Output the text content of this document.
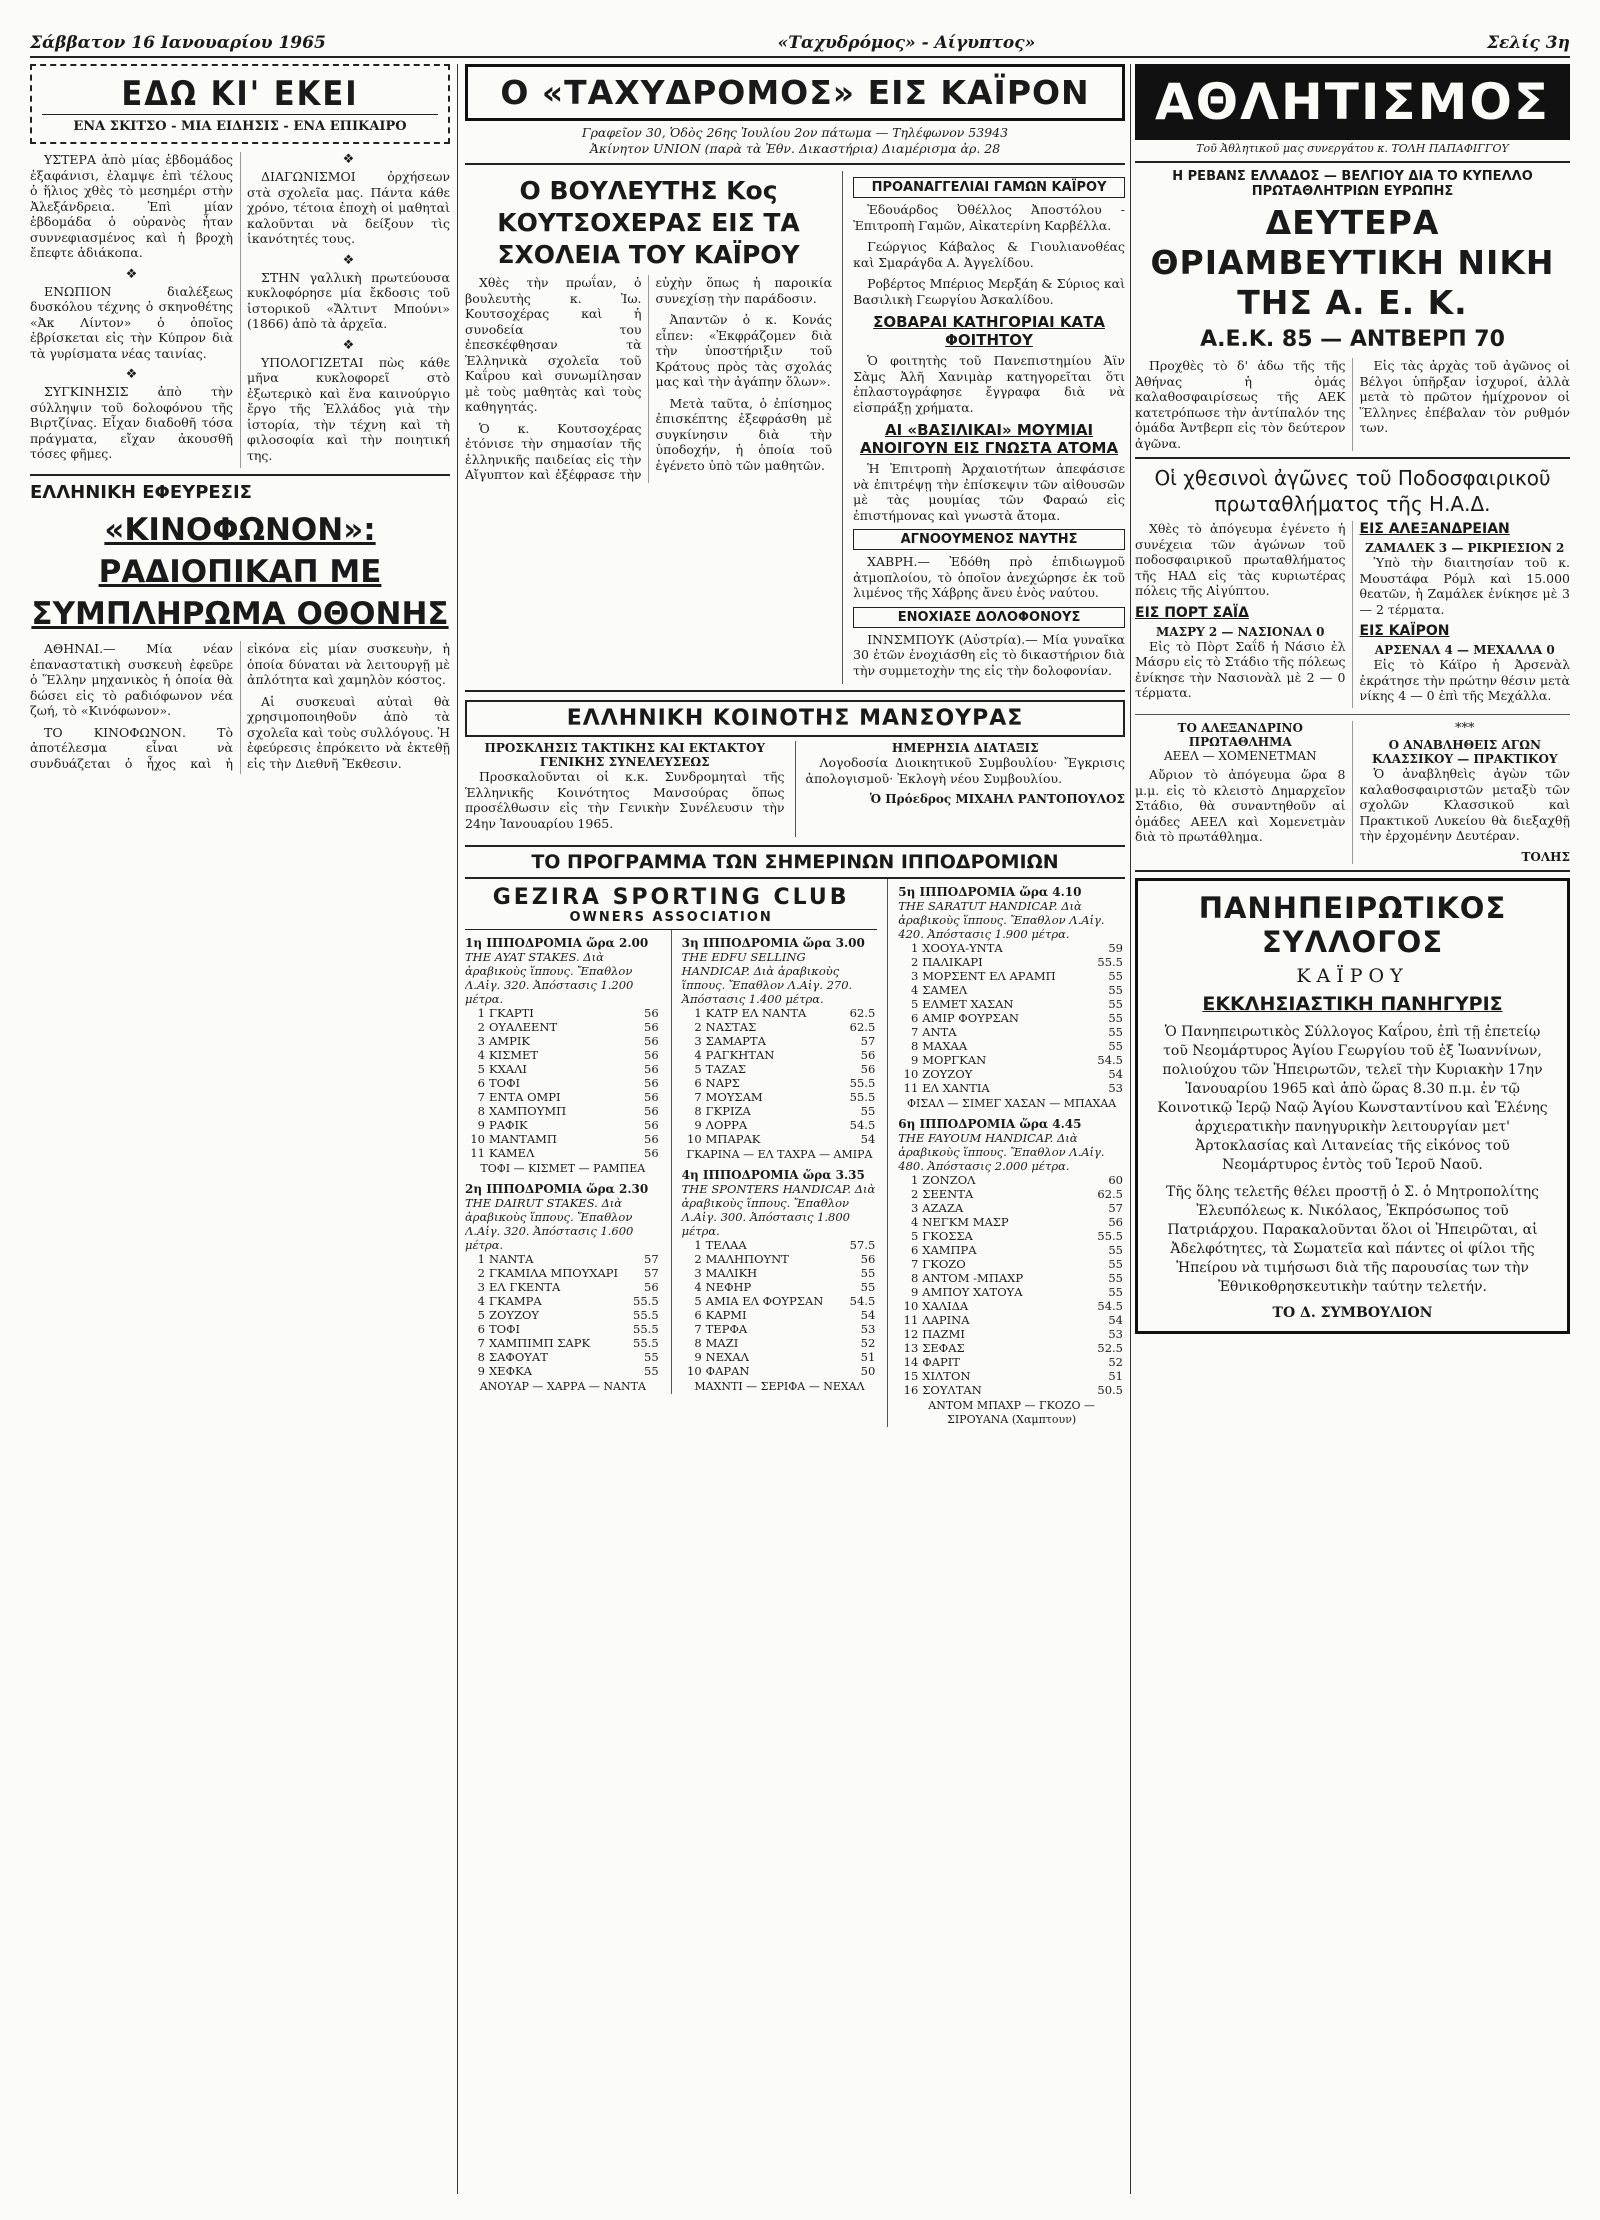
Σάββατον 16 Ιανουαρίου 1965	«Ταχυδρόμος» - Αίγυπτος»	Σελίς 3η
ΕΔΩ ΚΙ' ΕΚΕΙ
ΕΝΑ ΣΚΙΤΣΟ - ΜΙΑ ΕΙΔΗΣΙΣ - ΕΝΑ ΕΠΙΚΑΙΡΟ

ΥΣΤΕΡΑ ἀπὸ μίας ἑβδομάδος ἐξαφάνισι, ἐλαμψε ἐπὶ τέλους ὁ ἥλιος χθὲς τὸ μεσημέρι στὴν Ἀλεξάνδρεια. Ἐπὶ μίαν ἑβδομάδα ὁ οὐρανὸς ἦταν συννεφιασμένος καὶ ἡ βροχὴ ἔπεφτε ἀδιάκοπα.

❖

ΕΝΩΠΙΟΝ διαλέξεως δυσκόλου τέχνης ὁ σκηνοθέτης «Ἀκ Λίντον» ὁ ὁποῖος ἐβρίσκεται εἰς τὴν Κύπρον διὰ τὰ γυρίσματα νέας ταινίας.

❖

ΣΥΓΚΙΝΗΣΙΣ ἀπὸ τὴν σύλληψιν τοῦ δολοφόνου τῆς Βιρτζίνας. Εἶχαν διαδοθῆ τόσα πράγματα, εἴχαν ἀκουσθῆ τόσες φῆμες.

❖

ΔΙΑΓΩΝΙΣΜΟΙ ὀρχήσεων στὰ σχολεῖα μας. Πάντα κάθε χρόνο, τέτοια ἐποχὴ οἱ μαθηταὶ καλοῦνται νὰ δείξουν τὶς ἱκανότητές τους.

❖

ΣΤΗΝ γαλλικὴ πρωτεύουσα κυκλοφόρησε μία ἔκδοσις τοῦ ἱστορικοῦ «Ἄλτιντ Μπούνι» (1866) ἀπὸ τὰ ἀρχεῖα.

❖

ΥΠΟΛΟΓΙΖΕΤΑΙ πὼς κάθε μῆνα κυκλοφορεῖ στὸ ἐξωτερικὸ καὶ ἕνα καινούργιο ἔργο τῆς Ἑλλάδος γιὰ τὴν ἱστορία, τὴν τέχνη καὶ τὴ φιλοσοφία καὶ τὴν ποιητική της.

ΕΛΛΗΝΙΚΗ ΕΦΕΥΡΕΣΙΣ
«ΚΙΝΟΦΩΝΟΝ»: ΡΑΔΙΟΠΙΚΑΠ ΜΕ ΣΥΜΠΛΗΡΩΜΑ ΟΘΟΝΗΣ

ΑΘΗΝΑΙ.— Μία νέαν ἐπαναστατικὴ συσκευὴ ἐφεῦρε ὁ Ἕλλην μηχανικὸς ἡ ὁποία θὰ δώσει εἰς τὸ ραδιόφωνον νέα ζωή, τὸ «Κινόφωνον».

ΤΟ ΚΙΝΟΦΩΝΟΝ. Τὸ ἀποτέλεσμα εἶναι νὰ συνδυάζεται ὁ ἦχος καὶ ἡ εἰκόνα εἰς μίαν συσκευὴν, ἡ ὁποία δύναται νὰ λειτουργῇ μὲ ἀπλότητα καὶ χαμηλὸν κόστος.

Αἱ συσκευαὶ αὐταὶ θὰ χρησιμοποιηθοῦν ἀπὸ τὰ σχολεῖα καὶ τοὺς συλλόγους. Ἡ ἐφεύρεσις ἐπρόκειτο νὰ ἐκτεθῇ εἰς τὴν Διεθνῆ Ἔκθεσιν.

Ο «ΤΑΧΥΔΡΟΜΟΣ» ΕΙΣ ΚΑΪΡΟΝ
Γραφεῖον 30, Ὁδὸς 26ης Ἰουλίου 2ον πάτωμα — Τηλέφωνον 53943
Ἀκίνητον UNION (παρὰ τὰ Ἐθν. Δικαστήρια) Διαμέρισμα ἀρ. 28
Ο ΒΟΥΛΕΥΤΗΣ Κος ΚΟΥΤΣΟΧΕΡΑΣ ΕΙΣ ΤΑ ΣΧΟΛΕΙΑ ΤΟΥ ΚΑΪΡΟΥ

Χθὲς τὴν πρωΐαν, ὁ βουλευτὴς κ. Ἰω. Κουτσοχέρας καὶ ἡ συνοδεία του ἐπεσκέφθησαν τὰ Ἑλληνικὰ σχολεῖα τοῦ Καΐρου καὶ συνωμίλησαν μὲ τοὺς μαθητὰς καὶ τοὺς καθηγητάς.

Ὁ κ. Κουτσοχέρας ἐτόνισε τὴν σημασίαν τῆς ἑλληνικῆς παιδείας εἰς τὴν Αἴγυπτον καὶ ἐξέφρασε τὴν εὐχὴν ὅπως ἡ παροικία συνεχίσῃ τὴν παράδοσιν.

Ἀπαντῶν ὁ κ. Κονάς εἶπεν: «Ἐκφράζομεν διὰ τὴν ὑποστήριξιν τοῦ Κράτους πρὸς τὰς σχολάς μας καὶ τὴν ἀγάπην ὅλων».

Μετὰ ταῦτα, ὁ ἐπίσημος ἐπισκέπτης ἐξεφράσθη μὲ συγκίνησιν διὰ τὴν ὑποδοχήν, ἡ ὁποία τοῦ ἐγένετο ὑπὸ τῶν μαθητῶν.

ΠΡΟΑΝΑΓΓΕΛΙΑΙ ΓΑΜΩΝ ΚΑΪΡΟΥ

Ἐδουάρδος Ὀθέλλος Ἀποστόλου - Ἐπιτροπὴ Γαμῶν, Αἰκατερίνη Καρβέλλα.

Γεώργιος Κάβαλος & Γιουλιανοθέας καὶ Σμαράγδα Α. Ἀγγελίδου.

Ροβέρτος Μπέριος Μερξάη & Σύριος καὶ Βασιλικὴ Γεωργίου Ἀσκαλίδου.

ΣΟΒΑΡΑΙ ΚΑΤΗΓΟΡΙΑΙ ΚΑΤΑ ΦΟΙΤΗΤΟΥ

Ὁ φοιτητὴς τοῦ Πανεπιστημίου Ἀϊν Σὰμς Ἀλῆ Χανιμὰρ κατηγορεῖται ὅτι ἐπλαστογράφησε ἔγγραφα διὰ νὰ εἰσπράξῃ χρήματα.

ΑΙ «ΒΑΣΙΛΙΚΑΙ» ΜΟΥΜΙΑΙ ΑΝΟΙΓΟΥΝ ΕΙΣ ΓΝΩΣΤΑ ΑΤΟΜΑ

Ἡ Ἐπιτροπὴ Ἀρχαιοτήτων ἀπεφάσισε νὰ ἐπιτρέψῃ τὴν ἐπίσκεψιν τῶν αἰθουσῶν μὲ τὰς μουμίας τῶν Φαραώ εἰς ἐπιστήμονας καὶ γνωστὰ ἄτομα.

ΑΓΝΟΟΥΜΕΝΟΣ ΝΑΥΤΗΣ

ΧΑΒΡΗ.— Ἐδόθη πρὸ ἐπιδιωγμοῦ ἀτμοπλοίου, τὸ ὁποῖον ἀνεχώρησε ἐκ τοῦ λιμένος τῆς Χάβρης ἄνευ ἑνὸς ναύτου.

ΕΝΟΧΙΑΣΕ ΔΟΛΟΦΟΝΟΥΣ

ΙΝΝΣΜΠΟΥΚ (Αὐστρία).— Μία γυναῖκα 30 ἐτῶν ἐνοχιάσθη εἰς τὸ δικαστήριον διὰ τὴν συμμετοχὴν της εἰς τὴν δολοφονίαν.

ΕΛΛΗΝΙΚΗ ΚΟΙΝΟΤΗΣ ΜΑΝΣΟΥΡΑΣ
ΠΡΟΣΚΛΗΣΙΣ ΤΑΚΤΙΚΗΣ ΚΑΙ ΕΚΤΑΚΤΟΥ ΓΕΝΙΚΗΣ ΣΥΝΕΛΕΥΣΕΩΣ

Προσκαλοῦνται οἱ κ.κ. Συνδρομηταὶ τῆς Ἑλληνικῆς Κοινότητος Μανσούρας ὅπως προσέλθωσιν εἰς τὴν Γενικὴν Συνέλευσιν τὴν 24ην Ἰανουαρίου 1965.

ΗΜΕΡΗΣΙΑ ΔΙΑΤΑΞΙΣ

Λογοδοσία Διοικητικοῦ Συμβουλίου· Ἔγκρισις ἀπολογισμοῦ· Ἐκλογὴ νέου Συμβουλίου.

Ὁ Πρόεδρος ΜΙΧΑΗΛ ΡΑΝΤΟΠΟΥΛΟΣ
ΤΟ ΠΡΟΓΡΑΜΜΑ ΤΩΝ ΣΗΜΕΡΙΝΩΝ ΙΠΠΟΔΡΟΜΙΩΝ
GEZIRA SPORTING CLUB
OWNERS ASSOCIATION
1η ΙΠΠΟΔΡΟΜΙΑ ὥρα 2.00
THE AYAT STAKES. Διὰ ἀραβικοὺς ἵππους. Ἔπαθλον Λ.Αἰγ. 320. Ἀπόστασις 1.200 μέτρα.
1	ΓΚΑΡΤΙ	56
2	ΟΥΑΛΕΕΝΤ	56
3	ΑΜΡΙΚ	56
4	ΚΙΣΜΕΤ	56
5	ΚΧΑΛΙ	56
6	ΤΟΦΙ	56
7	ΕΝΤΑ ΟΜΡΙ	56
8	ΧΑΜΠΟΥΜΠ	56
9	ΡΑΦΙΚ	56
10	ΜΑΝΤΑΜΠ	56
11	ΚΑΜΕΛ	56
ΤΟΦΙ — ΚΙΣΜΕΤ — ΡΑΜΠΕΑ
2η ΙΠΠΟΔΡΟΜΙΑ ὥρα 2.30
THE DAIRUT STAKES. Διὰ ἀραβικοὺς ἵππους. Ἔπαθλον Λ.Αἰγ. 320. Ἀπόστασις 1.600 μέτρα.
1	ΝΑΝΤΑ	57
2	ΓΚΑΜΙΛΑ ΜΠΟΥΧΑΡΙ	57
3	ΕΛ ΓΚΕΝΤΑ	56
4	ΓΚΑΜΡΑ	55.5
5	ΖΟΥΖΟΥ	55.5
6	ΤΟΦΙ	55.5
7	ΧΑΜΠΙΜΠ ΣΑΡΚ	55.5
8	ΣΑΦΟΥΑΤ	55
9	ΧΕΦΚΑ	55
ΑΝΟΥΑΡ — ΧΑΡΡΑ — ΝΑΝΤΑ
3η ΙΠΠΟΔΡΟΜΙΑ ὥρα 3.00
THE EDFU SELLING HANDICAP. Διὰ ἀραβικοὺς ἵππους. Ἔπαθλον Λ.Αἰγ. 270. Ἀπόστασις 1.400 μέτρα.
1	ΚΑΤΡ ΕΛ ΝΑΝΤΑ	62.5
2	ΝΑΣΤΑΣ	62.5
3	ΣΑΜΑΡΤΑ	57
4	ΡΑΓΚΗΤΑΝ	56
5	ΤΑΖΑΣ	56
6	ΝΑΡΣ	55.5
7	ΜΟΥΣΑΜ	55.5
8	ΓΚΡΙΖΑ	55
9	ΛΟΡΡΑ	54.5
10	ΜΠΑΡΑΚ	54
ΓΚΑΡΙΝΑ — ΕΛ ΤΑΧΡΑ — ΑΜΙΡΑ
4η ΙΠΠΟΔΡΟΜΙΑ ὥρα 3.35
THE SPONTERS HANDICAP. Διὰ ἀραβικοὺς ἵππους. Ἔπαθλον Λ.Αἰγ. 300. Ἀπόστασις 1.800 μέτρα.
1	ΤΕΛΑΑ	57.5
2	ΜΑΛΗΠΟΥΝΤ	56
3	ΜΑΛΙΚΗ	55
4	ΝΕΦΗΡ	55
5	ΑΜΙΑ ΕΛ ΦΟΥΡΣΑΝ	54.5
6	ΚΑΡΜΙ	54
7	ΤΕΡΦΑ	53
8	ΜΑΖΙ	52
9	ΝΕΧΑΛ	51
10	ΦΑΡΑΝ	50
ΜΑΧΝΤΙ — ΣΕΡΙΦΑ — ΝΕΧΑΛ
5η ΙΠΠΟΔΡΟΜΙΑ ὥρα 4.10
THE SARATUT HANDICAP. Διὰ ἀραβικοὺς ἵππους. Ἔπαθλον Λ.Αἰγ. 420. Ἀπόστασις 1.900 μέτρα.
1	ΧΟΟΥΑ-ΥΝΤΑ	59
2	ΠΑΛΙΚΑΡΙ	55.5
3	ΜΟΡΣΕΝΤ ΕΛ ΑΡΑΜΠ	55
4	ΣΑΜΕΛ	55
5	ΕΛΜΕΤ ΧΑΣΑΝ	55
6	ΑΜΙΡ ΦΟΥΡΣΑΝ	55
7	ΑΝΤΑ	55
8	ΜΑΧΑΑ	55
9	ΜΟΡΓΚΑΝ	54.5
10	ΖΟΥΖΟΥ	54
11	ΕΛ ΧΑΝΤΙΑ	53
ΦΙΣΑΛ — ΣΙΜΕΓ ΧΑΣΑΝ — ΜΠΑΧΑΑ
6η ΙΠΠΟΔΡΟΜΙΑ ὥρα 4.45
THE FAYOUM HANDICAP. Διὰ ἀραβικοὺς ἵππους. Ἔπαθλον Λ.Αἰγ. 480. Ἀπόστασις 2.000 μέτρα.
1	ΖΟΝΖΟΛ	60
2	ΣΕΕΝΤΑ	62.5
3	ΑΖΑΖΑ	57
4	ΝΕΓΚΜ ΜΑΣΡ	56
5	ΓΚΟΣΣΑ	55.5
6	ΧΑΜΠΡΑ	55
7	ΓΚΟΖΟ	55
8	ΑΝΤΟΜ -ΜΠΑΧΡ	55
9	ΑΜΠΟΥ ΧΑΤΟΥΑ	55
10	ΧΑΛΙΔΑ	54.5
11	ΛΑΡΙΝΑ	54
12	ΠΑΖΜΙ	53
13	ΣΕΦΑΣ	52.5
14	ΦΑΡΙΤ	52
15	ΧΙΛΤΟΝ	51
16	ΣΟΥΛΤΑΝ	50.5
ΑΝΤΟΜ ΜΠΑΧΡ — ΓΚΟΖΟ — ΣΙΡΟΥΑΝΑ (Χαμπτουν)
ΑΘΛΗΤΙΣΜΟΣ
Τοῦ Ἀθλητικοῦ μας συνεργάτου κ. ΤΟΛΗ ΠΑΠΑΦΙΓΓΟΥ
Η ΡΕΒΑΝΣ ΕΛΛΑΔΟΣ — ΒΕΛΓΙΟΥ ΔΙΑ ΤΟ ΚΥΠΕΛΛΟ ΠΡΩΤΑΘΛΗΤΡΙΩΝ ΕΥΡΩΠΗΣ
ΔΕΥΤΕΡΑ ΘΡΙΑΜΒΕΥΤΙΚΗ ΝΙΚΗ ΤΗΣ Α. Ε. Κ.
Α.Ε.Κ. 85 — ΑΝΤΒΕΡΠ 70

Προχθὲς τὸ δ' ἀδω τῆς τῆς Ἀθήνας ἡ ὁμάς καλαθοσφαιρίσεως τῆς ΑΕΚ κατετρόπωσε τὴν ἀντίπαλόν της ὁμάδα Ἀντβερπ εἰς τὸν δεύτερον ἀγῶνα.

Εἰς τὰς ἀρχὰς τοῦ ἀγῶνος οἱ Βέλγοι ὑπῆρξαν ἰσχυροί, ἀλλὰ μετὰ τὸ πρῶτον ἡμίχρονον οἱ Ἕλληνες ἐπέβαλαν τὸν ρυθμόν των.

Οἱ χθεσινοὶ ἀγῶνες τοῦ Ποδοσφαιρικοῦ πρωταθλήματος τῆς Η.Α.Δ.

Χθὲς τὸ ἀπόγευμα ἐγένετο ἡ συνέχεια τῶν ἀγώνων τοῦ ποδοσφαιρικοῦ πρωταθλήματος τῆς ΗΑΔ εἰς τὰς κυριωτέρας πόλεις τῆς Αἰγύπτου.

ΕΙΣ ΠΟΡΤ ΣΑΪΔ
ΜΑΣΡΥ 2 — ΝΑΣΙΟΝΑΛ 0

Εἰς τὸ Πὸρτ Σαΐδ ἡ Νάσιο ἐλ Μάσρυ εἰς τὸ Στάδιο τῆς πόλεως ἐνίκησε τὴν Νασιονὰλ μὲ 2 — 0 τέρματα.

ΕΙΣ ΑΛΕΞΑΝΔΡΕΙΑΝ
ΖΑΜΑΛΕΚ 3 — ΡΙΚΡΙΕΣΙΟΝ 2

Ὑπὸ τὴν διαιτησίαν τοῦ κ. Μουστάφα Ρόμλ καὶ 15.000 θεατῶν, ἡ Ζαμάλεκ ἐνίκησε μὲ 3 — 2 τέρματα.

ΕΙΣ ΚΑΪΡΟΝ
ΑΡΣΕΝΑΛ 4 — ΜΕΧΑΛΛΑ 0

Εἰς τὸ Κάϊρο ἡ Ἀρσενὰλ ἐκράτησε τὴν πρώτην θέσιν μετὰ νίκης 4 — 0 ἐπὶ τῆς Μεχάλλα.

ΤΟ ΑΛΕΞΑΝΔΡΙΝΟ ΠΡΩΤΑΘΛΗΜΑ
ΑΕΕΛ — ΧΟΜΕΝΕΤΜΑΝ

Αὔριον τὸ ἀπόγευμα ὥρα 8 μ.μ. εἰς τὸ κλειστὸ Δημαρχεῖον Στάδιο, θὰ συναντηθοῦν αἱ ὁμάδες ΑΕΕΛ καὶ Χομενετμὰν διὰ τὸ πρωτάθλημα.

***
Ο ΑΝΑΒΛΗΘΕΙΣ ΑΓΩΝ ΚΛΑΣΣΙΚΟΥ — ΠΡΑΚΤΙΚΟΥ

Ὁ ἀναβληθεὶς ἀγὼν τῶν καλαθοσφαιριστῶν μεταξὺ τῶν σχολῶν Κλασσικοῦ καὶ Πρακτικοῦ Λυκείου θὰ διεξαχθῇ τὴν ἐρχομένην Δευτέραν.

ΤΟΛΗΣ
ΠΑΝΗΠΕΙΡΩΤΙΚΟΣ ΣΥΛΛΟΓΟΣ
ΚΑΪΡΟΥ
ΕΚΚΛΗΣΙΑΣΤΙΚΗ ΠΑΝΗΓΥΡΙΣ

Ὁ Πανηπειρωτικὸς Σύλλογος Καΐρου, ἐπὶ τῇ ἐπετείῳ τοῦ Νεομάρτυρος Ἁγίου Γεωργίου τοῦ ἐξ Ἰωαννίνων, πολιούχου τῶν Ἠπειρωτῶν, τελεῖ τὴν Κυριακὴν 17ην Ἰανουαρίου 1965 καὶ ἀπὸ ὥρας 8.30 π.μ. ἐν τῷ Κοινοτικῷ Ἱερῷ Ναῷ Ἁγίου Κωνσταντίνου καὶ Ἑλένης ἀρχιερατικὴν πανηγυρικὴν λειτουργίαν μετ' Ἀρτοκλασίας καὶ Λιτανείας τῆς εἰκόνος τοῦ Νεομάρτυρος ἐντὸς τοῦ Ἱεροῦ Ναοῦ.

Τῆς ὅλης τελετῆς θέλει προστῇ ὁ Σ. ὁ Μητροπολίτης Ἐλευπόλεως κ. Νικόλαος, Ἐκπρόσωπος τοῦ Πατριάρχου. Παρακαλοῦνται ὅλοι οἱ Ἠπειρῶται, αἱ Ἀδελφότητες, τὰ Σωματεῖα καὶ πάντες οἱ φίλοι τῆς Ἠπείρου νὰ τιμήσωσι διὰ τῆς παρουσίας των τὴν Ἐθνικοθρησκευτικὴν ταύτην τελετήν.

ΤΟ Δ. ΣΥΜΒΟΥΛΙΟΝ
